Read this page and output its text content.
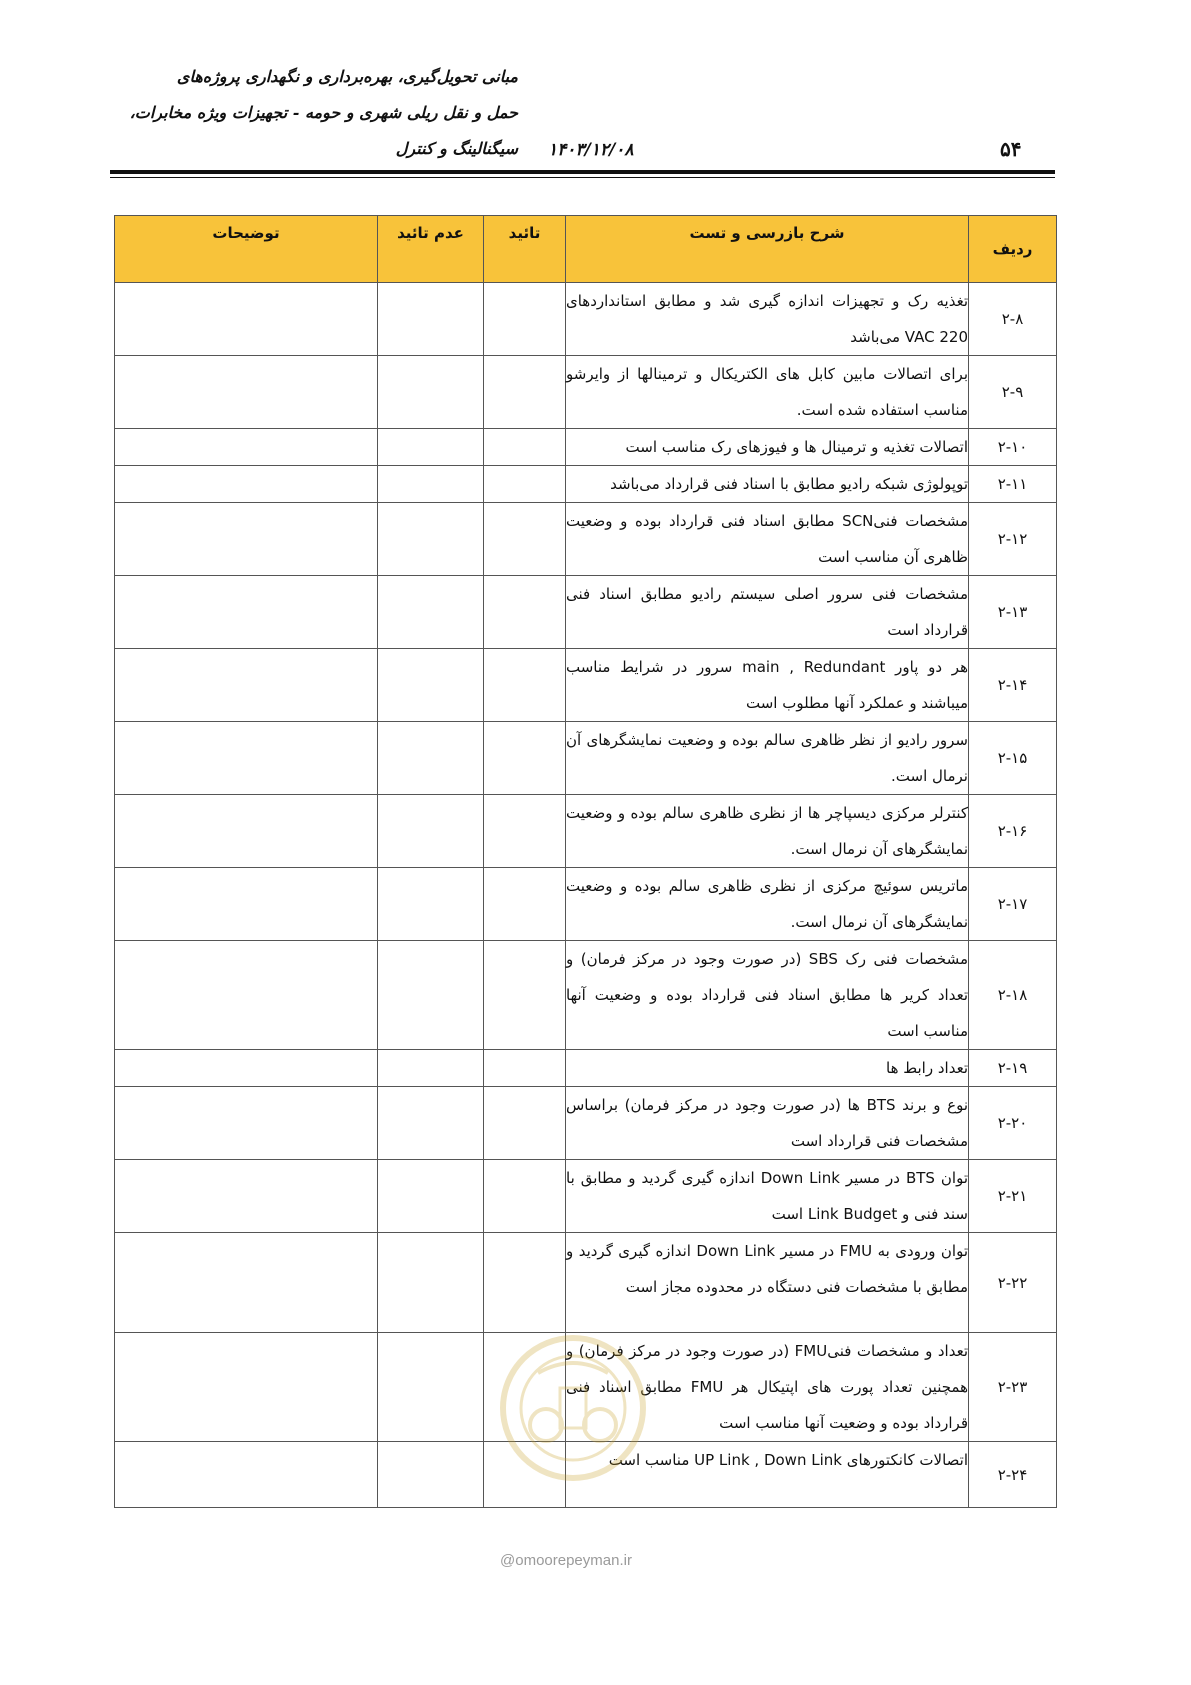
مبانی تحویل‌گیری، بهره‌برداری و نگهداری پروژه‌های
حمل و نقل ریلی شهری و حومه - تجهیزات ویژه مخابرات،
سیگنالینگ و کنترل ۱۴۰۳/۱۲/۰۸	۵۴
ردیف	شرح بازرسی و تست	تائید	عدم تائید	توضیحات
۲-۸	تغذیه رک و تجهیزات اندازه گیری شد و مطابق استانداردهای 220 VAC می‌باشد			
۲-۹	برای اتصالات مابین کابل های الکتریکال و ترمینالها از وایرشو مناسب استفاده شده است.			
۲-۱۰	اتصالات تغذیه و ترمینال ها و فیوزهای رک مناسب است			
۲-۱۱	توپولوژی شبکه رادیو مطابق با اسناد فنی قرارداد می‌باشد			
۲-۱۲	مشخصات فنیSCN مطابق اسناد فنی قرارداد بوده و وضعیت ظاهری آن مناسب است			
۲-۱۳	مشخصات فنی سرور اصلی سیستم رادیو مطابق اسناد فنی قرارداد است			
۲-۱۴	هر دو پاور main , Redundant سرور در شرایط مناسب میباشند و عملکرد آنها مطلوب است			
۲-۱۵	سرور رادیو از نظر ظاهری سالم بوده و وضعیت نمایشگرهای آن نرمال است.			
۲-۱۶	کنترلر مرکزی دیسپاچر ها از نظری ظاهری سالم بوده و وضعیت نمایشگرهای آن نرمال است.			
۲-۱۷	ماتریس سوئیچ مرکزی از نظری ظاهری سالم بوده و وضعیت نمایشگرهای آن نرمال است.			
۲-۱۸	مشخصات فنی رک SBS (در صورت وجود در مرکز فرمان) و تعداد کریر ها مطابق اسناد فنی قرارداد بوده و وضعیت آنها مناسب است			
۲-۱۹	تعداد رابط ها			
۲-۲۰	نوع و برند BTS ها (در صورت وجود در مرکز فرمان) براساس مشخصات فنی قرارداد است			
۲-۲۱	توان BTS در مسیر Down Link اندازه گیری گردید و مطابق با سند فنی و Link Budget است			
۲-۲۲	توان ورودی به FMU در مسیر Down Link اندازه گیری گردید و مطابق با مشخصات فنی دستگاه در محدوده مجاز است			
۲-۲۳	تعداد و مشخصات فنیFMU (در صورت وجود در مرکز فرمان) و همچنین تعداد پورت های اپتیکال هر FMU مطابق اسناد فنی قرارداد بوده و وضعیت آنها مناسب است			
۲-۲۴	اتصالات کانکتورهای UP Link , Down Link مناسب است			
@omoorepeyman.ir
